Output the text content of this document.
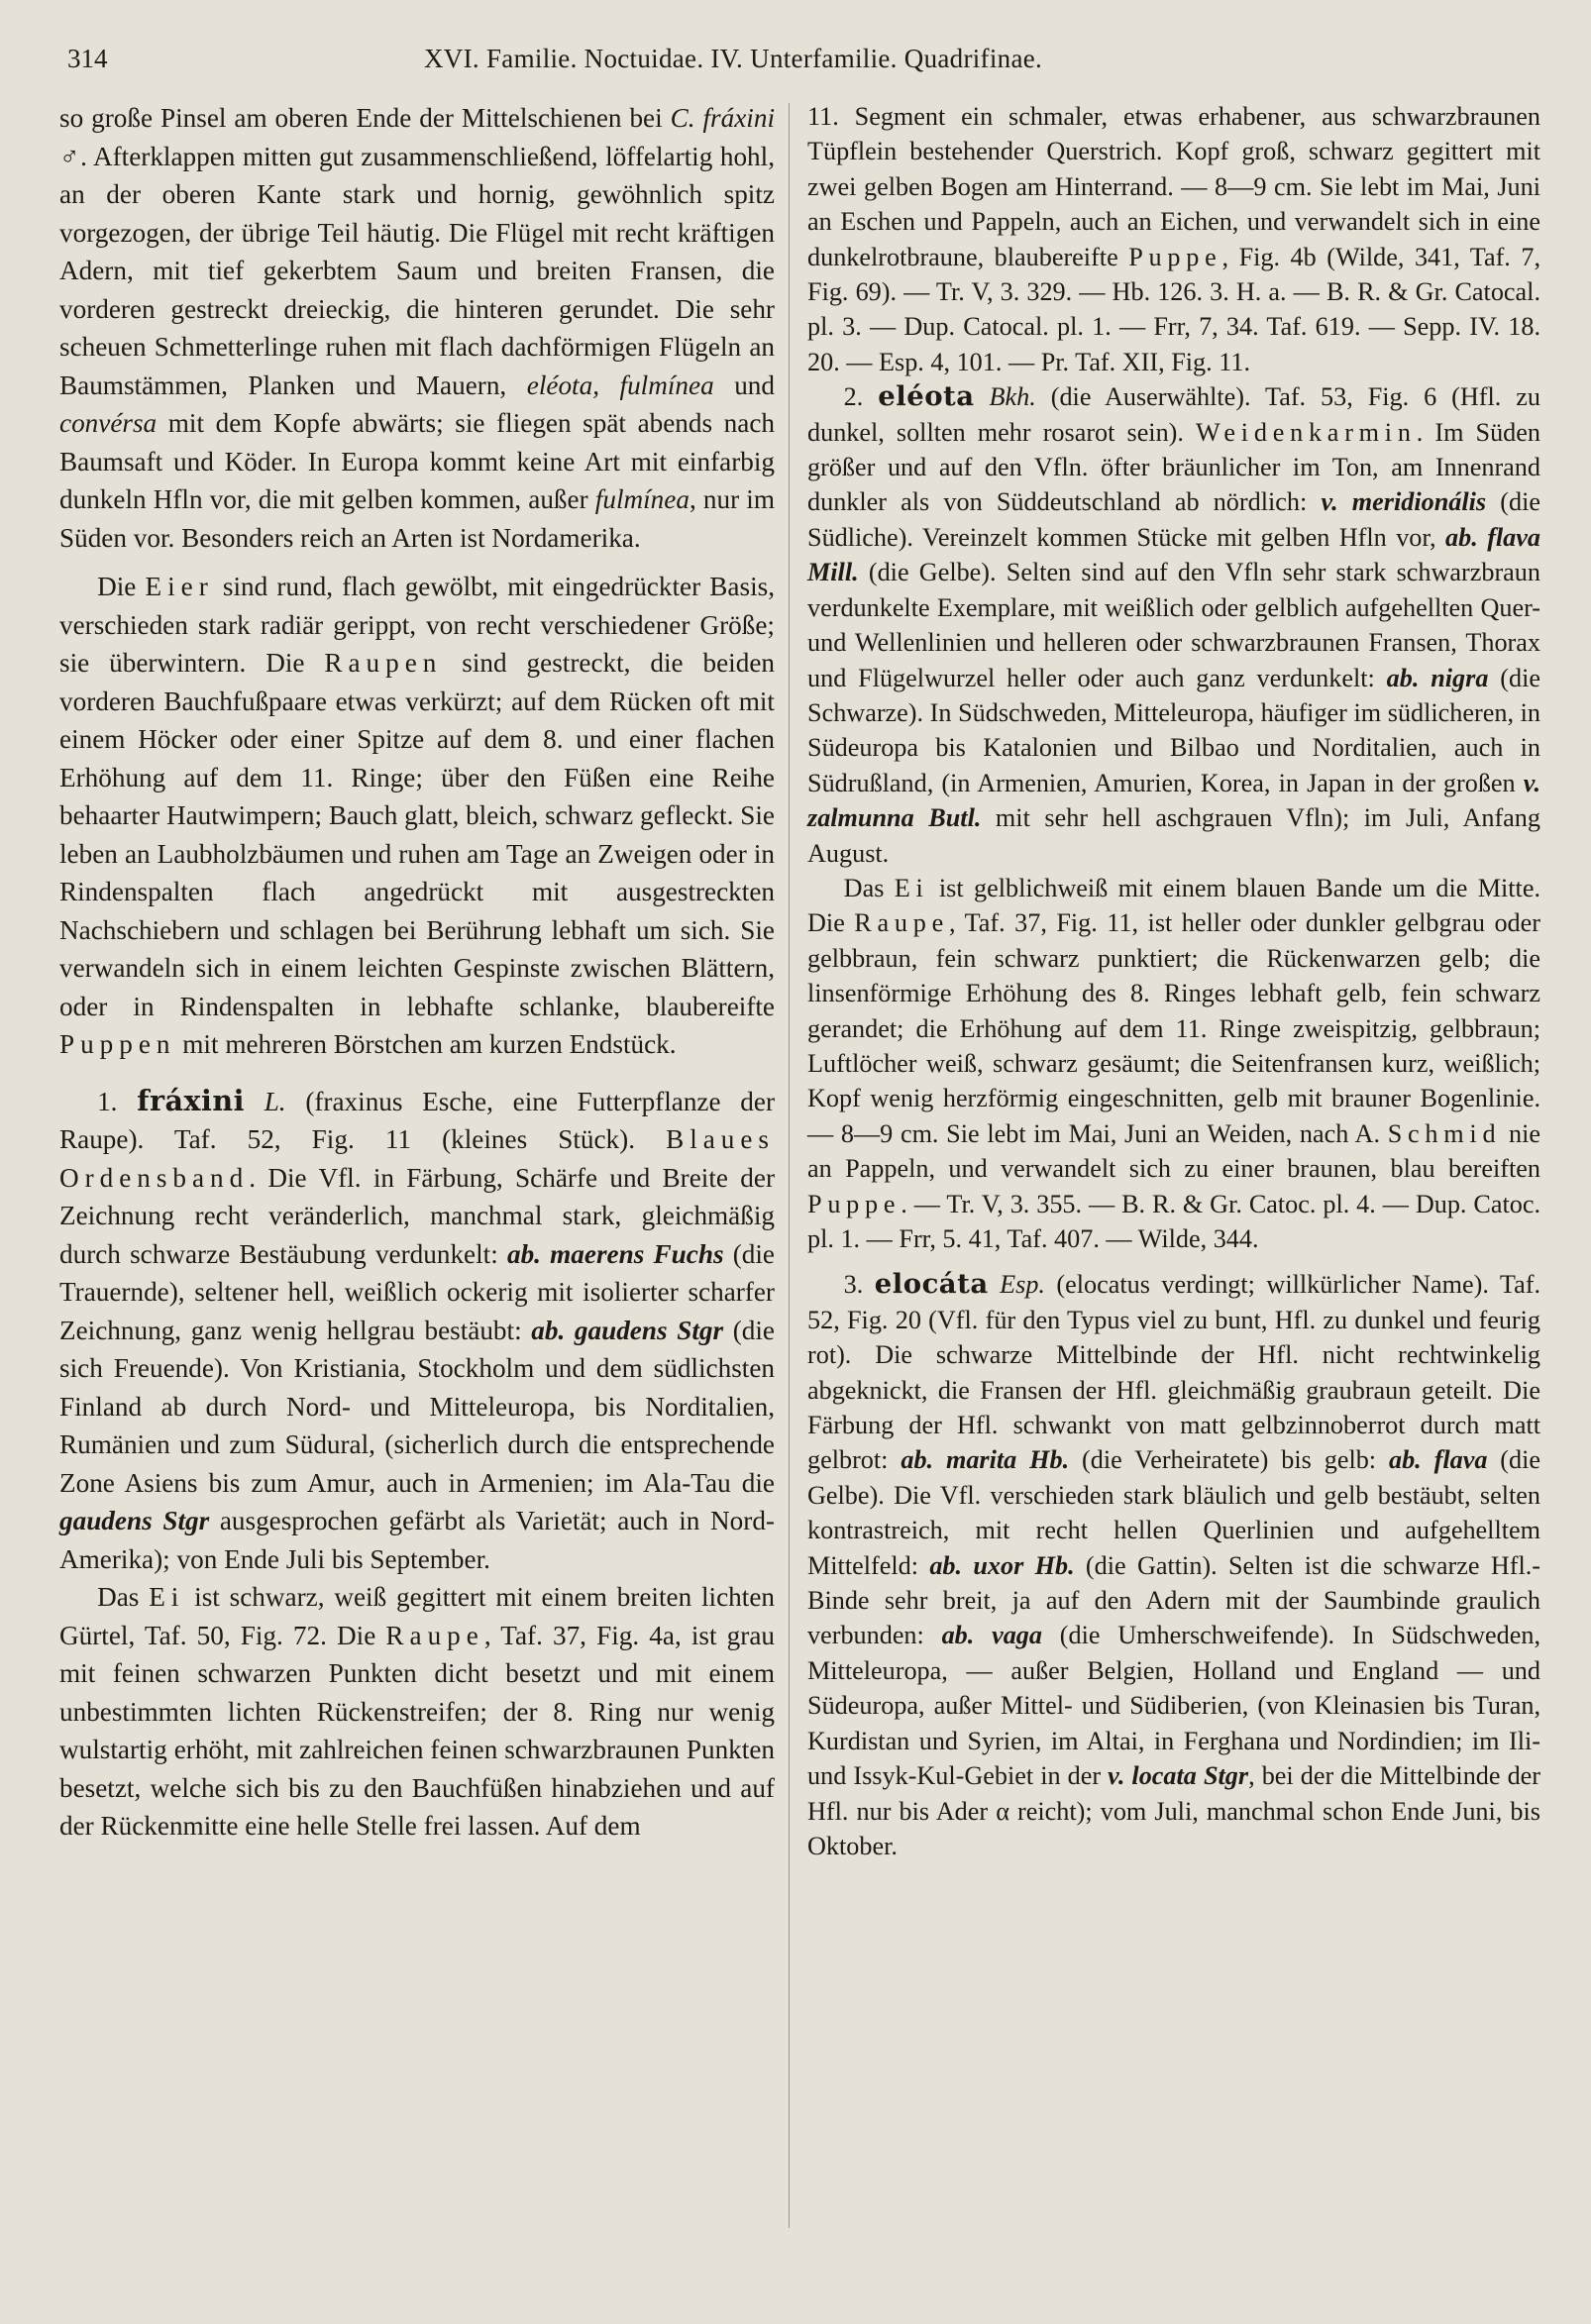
314	XVI. Familie. Noctuidae. IV. Unterfamilie. Quadrifinae.

so große Pinsel am oberen Ende der Mittelschienen bei C. fráxini ♂. Afterklappen mitten gut zusammenschließend, löffelartig hohl, an der oberen Kante stark und hornig, gewöhnlich spitz vorgezogen, der übrige Teil häutig. Die Flügel mit recht kräftigen Adern, mit tief gekerbtem Saum und breiten Fransen, die vorderen gestreckt dreieckig, die hinteren gerundet. Die sehr scheuen Schmetterlinge ruhen mit flach dachförmigen Flügeln an Baumstämmen, Planken und Mauern, eléota, fulmínea und convérsa mit dem Kopfe abwärts; sie fliegen spät abends nach Baumsaft und Köder. In Europa kommt keine Art mit einfarbig dunkeln Hfln vor, die mit gelben kommen, außer fulmínea, nur im Süden vor. Besonders reich an Arten ist Nordamerika.

Die Eier sind rund, flach gewölbt, mit eingedrückter Basis, verschieden stark radiär gerippt, von recht verschiedener Größe; sie überwintern. Die Raupen sind gestreckt, die beiden vorderen Bauchfußpaare etwas verkürzt; auf dem Rücken oft mit einem Höcker oder einer Spitze auf dem 8. und einer flachen Erhöhung auf dem 11. Ringe; über den Füßen eine Reihe behaarter Hautwimpern; Bauch glatt, bleich, schwarz gefleckt. Sie leben an Laubholzbäumen und ruhen am Tage an Zweigen oder in Rindenspalten flach angedrückt mit ausgestreckten Nachschiebern und schlagen bei Berührung lebhaft um sich. Sie verwandeln sich in einem leichten Gespinste zwischen Blättern, oder in Rindenspalten in lebhafte schlanke, blaubereifte Puppen mit mehreren Börstchen am kurzen Endstück.

1. fráxini L. (fraxinus Esche, eine Futterpflanze der Raupe). Taf. 52, Fig. 11 (kleines Stück). Blaues Ordensband. Die Vfl. in Färbung, Schärfe und Breite der Zeichnung recht veränderlich, manchmal stark, gleichmäßig durch schwarze Bestäubung verdunkelt: ab. maerens Fuchs (die Trauernde), seltener hell, weißlich ockerig mit isolierter scharfer Zeichnung, ganz wenig hellgrau bestäubt: ab. gaudens Stgr (die sich Freuende). Von Kristiania, Stockholm und dem südlichsten Finland ab durch Nord- und Mitteleuropa, bis Norditalien, Rumänien und zum Südural, (sicherlich durch die entsprechende Zone Asiens bis zum Amur, auch in Armenien; im Ala-Tau die gaudens Stgr ausgesprochen gefärbt als Varietät; auch in Nord-Amerika); von Ende Juli bis September.

Das Ei ist schwarz, weiß gegittert mit einem breiten lichten Gürtel, Taf. 50, Fig. 72. Die Raupe, Taf. 37, Fig. 4a, ist grau mit feinen schwarzen Punkten dicht besetzt und mit einem unbestimmten lichten Rückenstreifen; der 8. Ring nur wenig wulstartig erhöht, mit zahlreichen feinen schwarzbraunen Punkten besetzt, welche sich bis zu den Bauchfüßen hinabziehen und auf der Rückenmitte eine helle Stelle frei lassen. Auf dem

11. Segment ein schmaler, etwas erhabener, aus schwarzbraunen Tüpflein bestehender Querstrich. Kopf groß, schwarz gegittert mit zwei gelben Bogen am Hinterrand. — 8—9 cm. Sie lebt im Mai, Juni an Eschen und Pappeln, auch an Eichen, und verwandelt sich in eine dunkelrotbraune, blaubereifte Puppe, Fig. 4b (Wilde, 341, Taf. 7, Fig. 69). — Tr. V, 3. 329. — Hb. 126. 3. H. a. — B. R. & Gr. Catocal. pl. 3. — Dup. Catocal. pl. 1. — Frr, 7, 34. Taf. 619. — Sepp. IV. 18. 20. — Esp. 4, 101. — Pr. Taf. XII, Fig. 11.

2. eléota Bkh. (die Auserwählte). Taf. 53, Fig. 6 (Hfl. zu dunkel, sollten mehr rosarot sein). Weidenkarmin. Im Süden größer und auf den Vfln. öfter bräunlicher im Ton, am Innenrand dunkler als von Süddeutschland ab nördlich: v. meridionális (die Südliche). Vereinzelt kommen Stücke mit gelben Hfln vor, ab. flava Mill. (die Gelbe). Selten sind auf den Vfln sehr stark schwarzbraun verdunkelte Exemplare, mit weißlich oder gelblich aufgehellten Quer- und Wellenlinien und helleren oder schwarzbraunen Fransen, Thorax und Flügelwurzel heller oder auch ganz verdunkelt: ab. nigra (die Schwarze). In Südschweden, Mitteleuropa, häufiger im südlicheren, in Südeuropa bis Katalonien und Bilbao und Norditalien, auch in Südrußland, (in Armenien, Amurien, Korea, in Japan in der großen v. zalmunna Butl. mit sehr hell aschgrauen Vfln); im Juli, Anfang August.

Das Ei ist gelblichweiß mit einem blauen Bande um die Mitte. Die Raupe, Taf. 37, Fig. 11, ist heller oder dunkler gelbgrau oder gelbbraun, fein schwarz punktiert; die Rückenwarzen gelb; die linsenförmige Erhöhung des 8. Ringes lebhaft gelb, fein schwarz gerandet; die Erhöhung auf dem 11. Ringe zweispitzig, gelbbraun; Luftlöcher weiß, schwarz gesäumt; die Seitenfransen kurz, weißlich; Kopf wenig herzförmig eingeschnitten, gelb mit brauner Bogenlinie. — 8—9 cm. Sie lebt im Mai, Juni an Weiden, nach A. Schmid nie an Pappeln, und verwandelt sich zu einer braunen, blau bereiften Puppe. — Tr. V, 3. 355. — B. R. & Gr. Catoc. pl. 4. — Dup. Catoc. pl. 1. — Frr, 5. 41, Taf. 407. — Wilde, 344.

3. elocáta Esp. (elocatus verdingt; willkürlicher Name). Taf. 52, Fig. 20 (Vfl. für den Typus viel zu bunt, Hfl. zu dunkel und feurig rot). Die schwarze Mittelbinde der Hfl. nicht rechtwinkelig abgeknickt, die Fransen der Hfl. gleichmäßig graubraun geteilt. Die Färbung der Hfl. schwankt von matt gelbzinnoberrot durch matt gelbrot: ab. marita Hb. (die Verheiratete) bis gelb: ab. flava (die Gelbe). Die Vfl. verschieden stark bläulich und gelb bestäubt, selten kontrastreich, mit recht hellen Querlinien und aufgehelltem Mittelfeld: ab. uxor Hb. (die Gattin). Selten ist die schwarze Hfl.-Binde sehr breit, ja auf den Adern mit der Saumbinde graulich verbunden: ab. vaga (die Umherschweifende). In Südschweden, Mitteleuropa, — außer Belgien, Holland und England — und Südeuropa, außer Mittel- und Südiberien, (von Kleinasien bis Turan, Kurdistan und Syrien, im Altai, in Ferghana und Nordindien; im Ili- und Issyk-Kul-Gebiet in der v. locata Stgr, bei der die Mittelbinde der Hfl. nur bis Ader α reicht); vom Juli, manchmal schon Ende Juni, bis Oktober.
